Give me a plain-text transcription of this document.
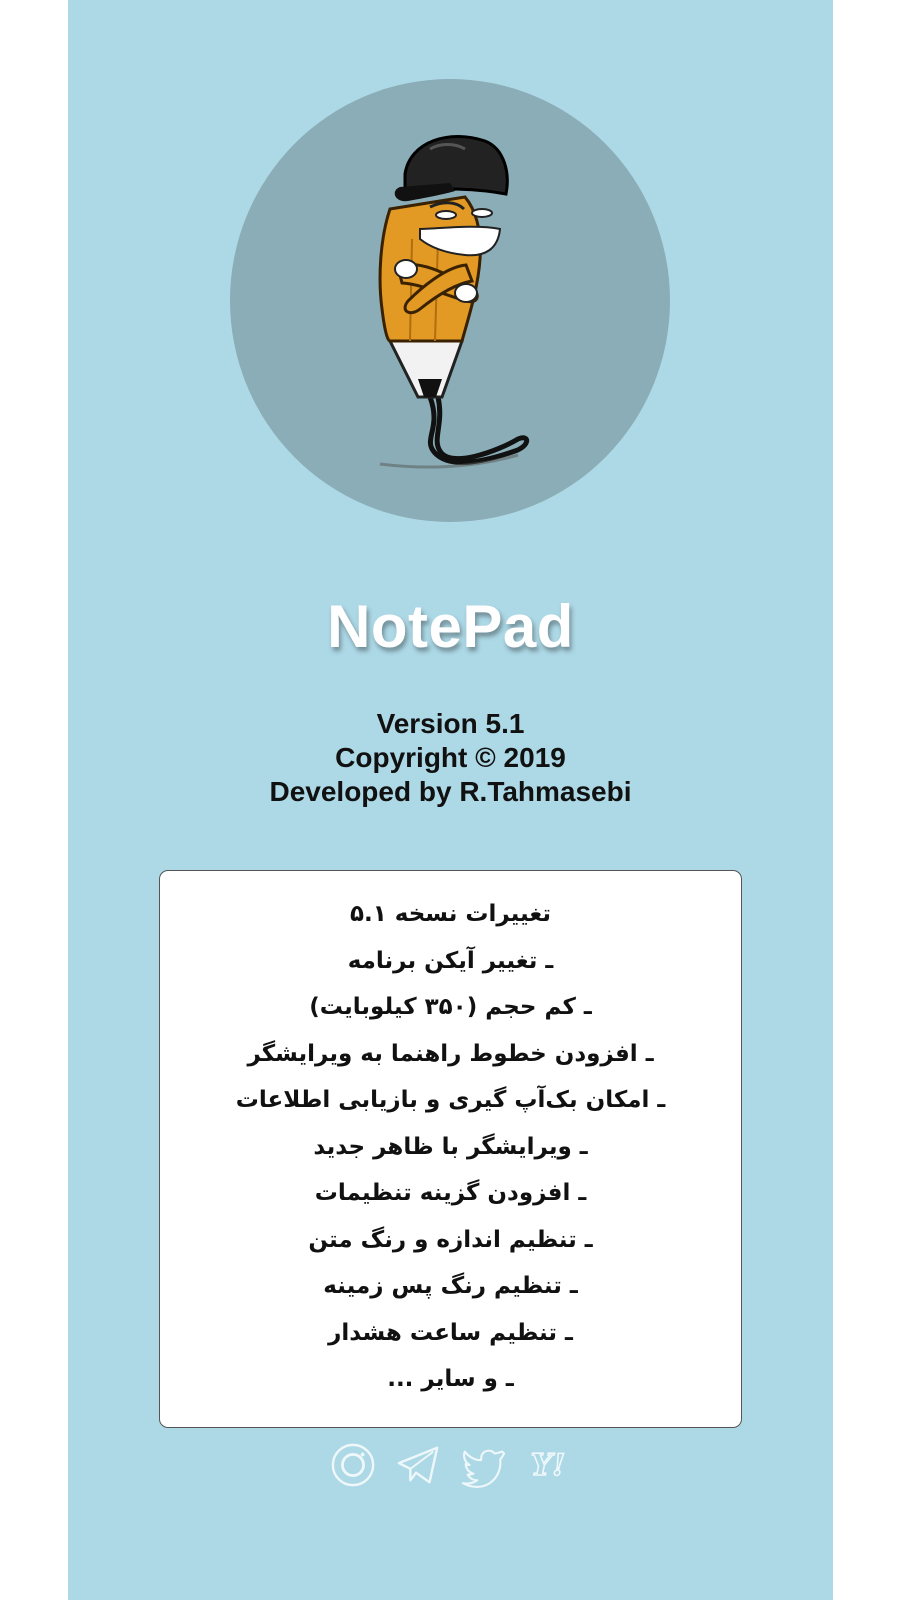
NotePad
Version 5.1
Copyright © 2019
Developed by R.Tahmasebi
تغییرات نسخه ۵.۱
ـ تغییر آیکن برنامه
ـ کم حجم (۳۵۰ کیلوبایت)
ـ افزودن خطوط راهنما به ویرایشگر
ـ امکان بک‌آپ گیری و بازیابی اطلاعات
ـ ویرایشگر با ظاهر جدید
ـ افزودن گزینه تنظیمات
ـ تنظیم اندازه و رنگ متن
ـ تنظیم رنگ پس زمینه
ـ تنظیم ساعت هشدار
ـ و سایر ...
Y!
